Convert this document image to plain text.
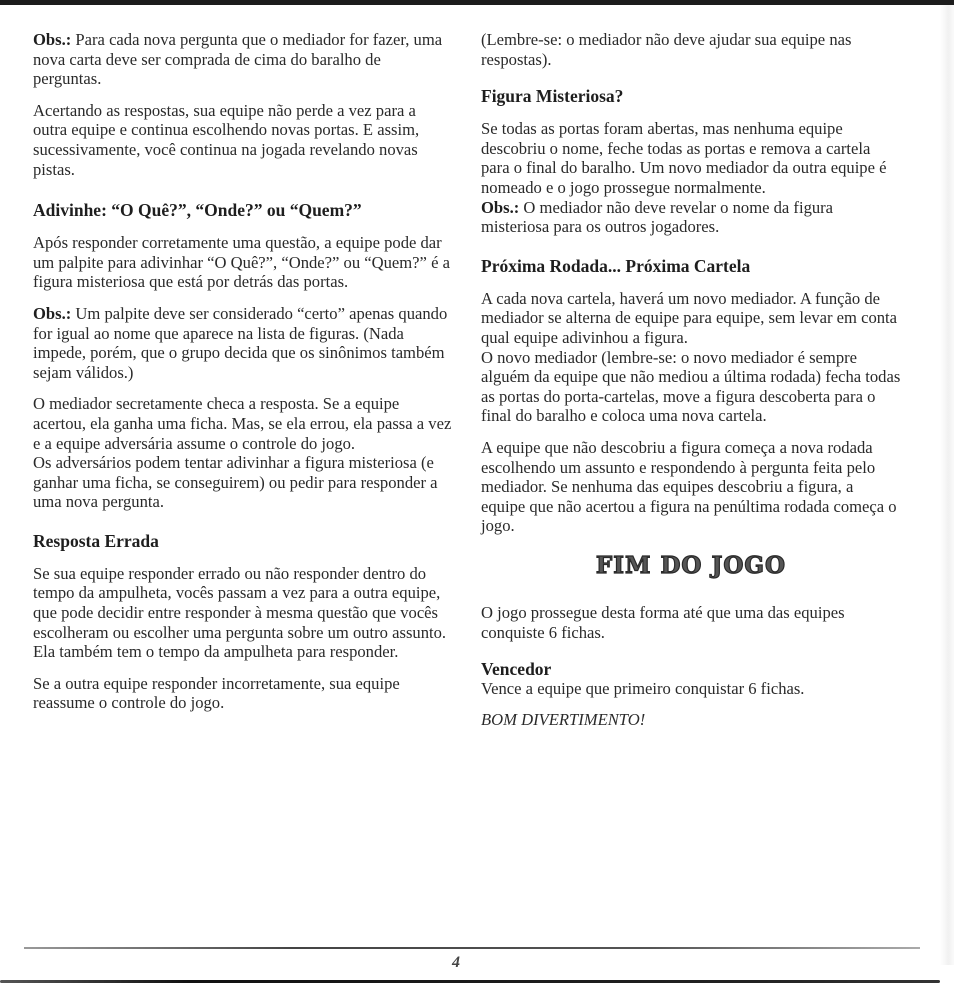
Obs.: Para cada nova pergunta que o mediador for fazer, uma nova carta deve ser comprada de cima do baralho de perguntas.

Acertando as respostas, sua equipe não perde a vez para a outra equipe e continua escolhendo novas portas. E assim, sucessivamente, você continua na jogada revelando novas pistas.

Adivinhe: “O Quê?”, “Onde?” ou “Quem?”

Após responder corretamente uma questão, a equipe pode dar um palpite para adivinhar “O Quê?”, “Onde?” ou “Quem?” é a figura misteriosa que está por detrás das portas.

Obs.: Um palpite deve ser considerado “certo” apenas quando for igual ao nome que aparece na lista de figuras. (Nada impede, porém, que o grupo decida que os sinônimos também sejam válidos.)

O mediador secretamente checa a resposta. Se a equipe acertou, ela ganha uma ficha. Mas, se ela errou, ela passa a vez e a equipe adversária assume o controle do jogo.

Os adversários podem tentar adivinhar a figura misteriosa (e ganhar uma ficha, se conseguirem) ou pedir para responder a uma nova pergunta.

Resposta Errada

Se sua equipe responder errado ou não responder dentro do tempo da ampulheta, vocês passam a vez para a outra equipe, que pode decidir entre responder à mesma questão que vocês escolheram ou escolher uma pergunta sobre um outro assunto. Ela também tem o tempo da ampulheta para responder.

Se a outra equipe responder incorretamente, sua equipe reassume o controle do jogo.

(Lembre-se: o mediador não deve ajudar sua equipe nas respostas).

Figura Misteriosa?

Se todas as portas foram abertas, mas nenhuma equipe descobriu o nome, feche todas as portas e remova a cartela para o final do baralho. Um novo mediador da outra equipe é nomeado e o jogo prossegue normalmente.

Obs.: O mediador não deve revelar o nome da figura misteriosa para os outros jogadores.

Próxima Rodada... Próxima Cartela

A cada nova cartela, haverá um novo mediador. A função de mediador se alterna de equipe para equipe, sem levar em conta qual equipe adivinhou a figura.

O novo mediador (lembre-se: o novo mediador é sempre alguém da equipe que não mediou a última rodada) fecha todas as portas do porta-cartelas, move a figura descoberta para o final do baralho e coloca uma nova cartela.

A equipe que não descobriu a figura começa a nova rodada escolhendo um assunto e respondendo à pergunta feita pelo mediador. Se nenhuma das equipes descobriu a figura, a equipe que não acertou a figura na penúltima rodada começa o jogo.

FIM DO JOGO

O jogo prossegue desta forma até que uma das equipes conquiste 6 fichas.

Vencedor

Vence a equipe que primeiro conquistar 6 fichas.

BOM DIVERTIMENTO!

4
